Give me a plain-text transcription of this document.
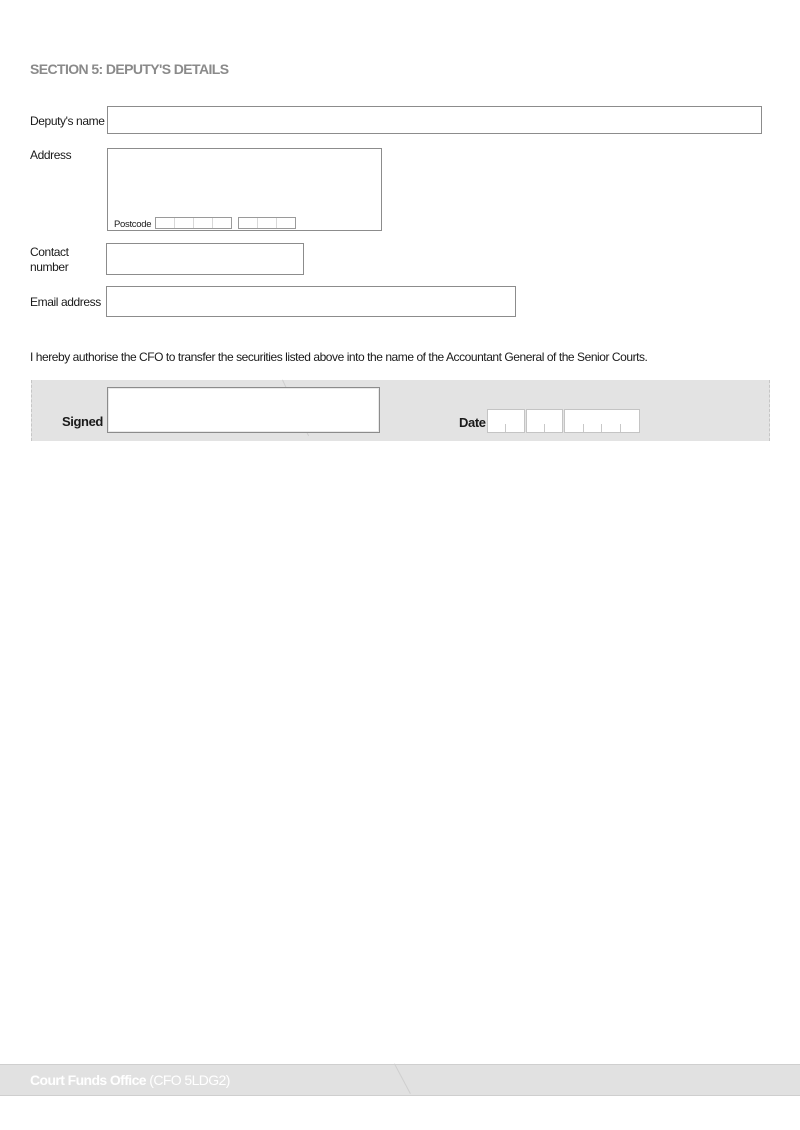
SECTION 5: DEPUTY'S DETAILS
Deputy's name
Address
Postcode
Contact
number
Email address
I hereby authorise the CFO to transfer the securities listed above into the name of the Accountant General of the Senior Courts.
Signed	Date
Court Funds Office (CFO 5LDG2)
